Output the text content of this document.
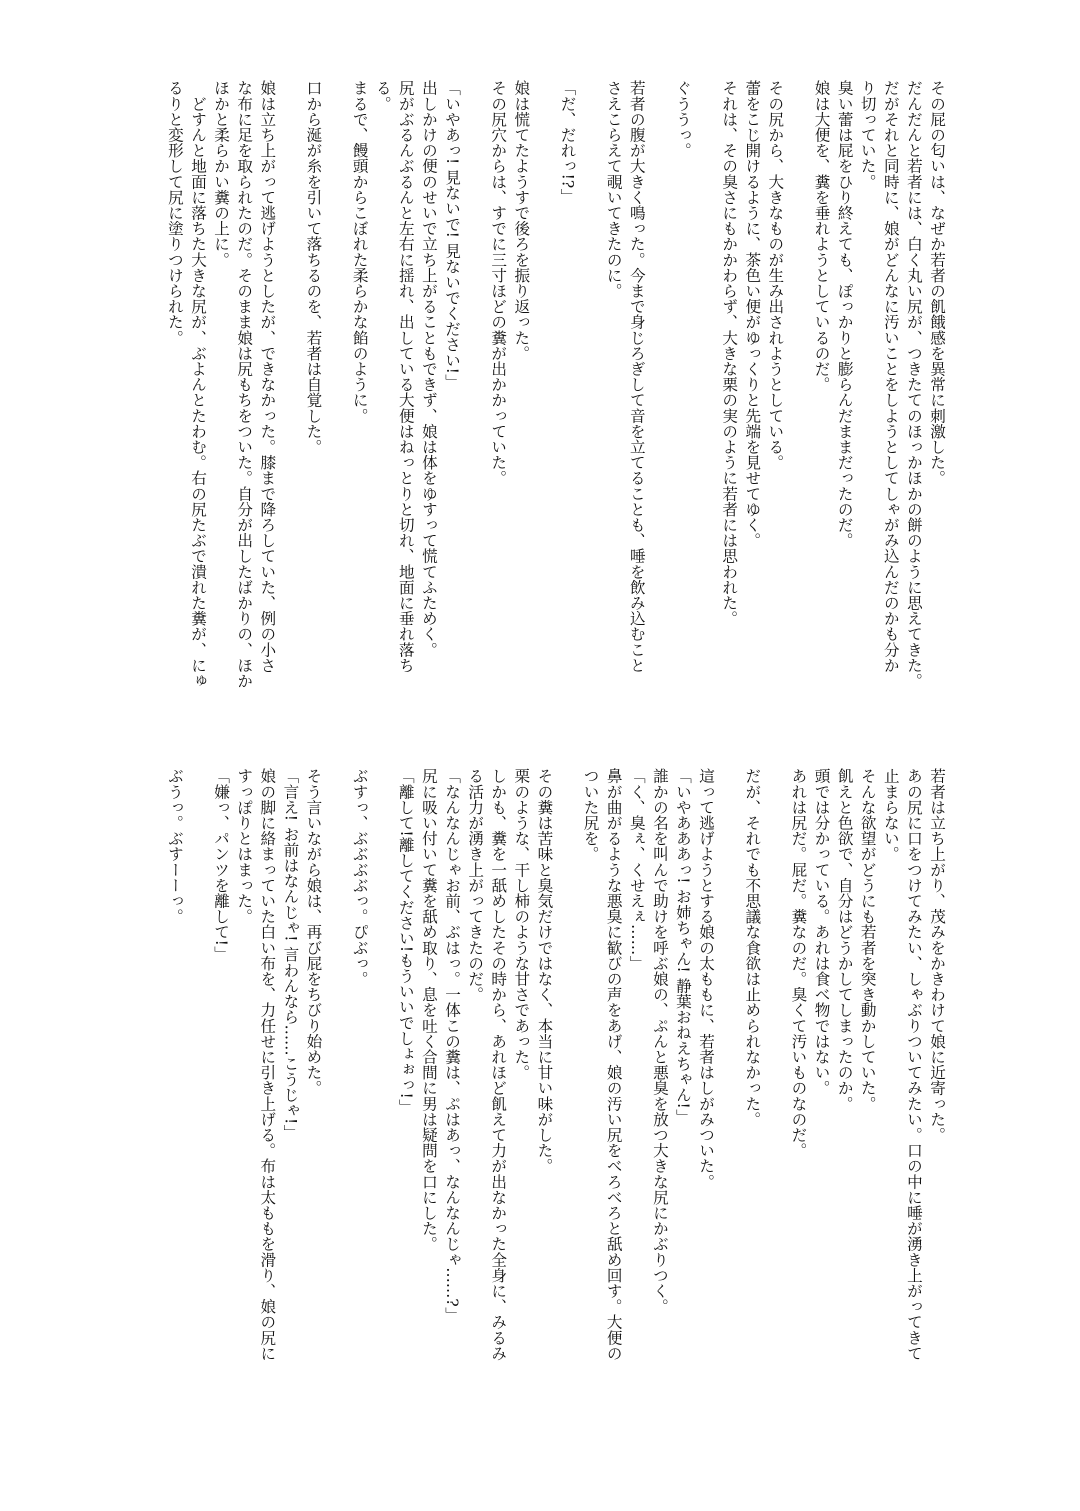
その屁の匂いは、なぜか若者の飢餓感を異常に刺激した。
だんだんと若者には、白く丸い尻が、つきたてのほっかほかの餅のように思えてきた。
だがそれと同時に、娘がどんなに汚いことをしようとしてしゃがみ込んだのかも分か
り切っていた。
臭い蕾は屁をひり終えても、ぽっかりと膨らんだままだったのだ。
娘は大便を、糞を垂れようとしているのだ。
その尻から、大きなものが生み出されようとしている。
蕾をこじ開けるように、茶色い便がゆっくりと先端を見せてゆく。
それは、その臭さにもかかわらず、大きな栗の実のように若者には思われた。
ぐううっ。
若者の腹が大きく鳴った。今まで身じろぎして音を立てることも、唾を飲み込むこと
さえこらえて覗いてきたのに。
「だ、だれっ!?」
娘は慌てたようすで後ろを振り返った。
その尻穴からは、すでに三寸ほどの糞が出かかっていた。
「いやあっ! 見ないで! 見ないでください!」
出しかけの便のせいで立ち上がることもできず、娘は体をゆすって慌てふためく。
尻がぶるんぶるんと左右に揺れ、出している大便はねっとりと切れ、地面に垂れ落ち
る。
まるで、饅頭からこぼれた柔らかな餡のように。
口から涎が糸を引いて落ちるのを、若者は自覚した。
娘は立ち上がって逃げようとしたが、できなかった。膝まで降ろしていた、例の小さ
な布に足を取られたのだ。そのまま娘は尻もちをついた。自分が出したばかりの、ほか
ほかと柔らかい糞の上に。
　どすんと地面に落ちた大きな尻が、ぶよんとたわむ。右の尻たぶで潰れた糞が、にゅ
るりと変形して尻に塗りつけられた。
若者は立ち上がり、茂みをかきわけて娘に近寄った。
あの尻に口をつけてみたい、しゃぶりついてみたい。口の中に唾が湧き上がってきて
止まらない。
そんな欲望がどうにも若者を突き動かしていた。
飢えと色欲で、自分はどうかしてしまったのか。
頭では分かっている。あれは食べ物ではない。
あれは尻だ。屁だ。糞なのだ。臭くて汚いものなのだ。
だが、それでも不思議な食欲は止められなかった。
這って逃げようとする娘の太ももに、若者はしがみついた。
「いやあああっ! お姉ちゃん! 静葉おねえちゃん!」
誰かの名を叫んで助けを呼ぶ娘の、ぷんと悪臭を放つ大きな尻にかぶりつく。
「く、臭ぇ、くせえぇ……」
鼻が曲がるような悪臭に歓びの声をあげ、娘の汚い尻をべろべろと舐め回す。大便の
ついた尻を。
その糞は苦味と臭気だけではなく、本当に甘い味がした。
栗のような、干し柿のような甘さであった。
しかも、糞を一舐めしたその時から、あれほど飢えて力が出なかった全身に、みるみ
る活力が湧き上がってきたのだ。
「なんなんじゃお前、ぶはっ。一体この糞は、ぷはあっ、なんなんじゃ……?」
尻に吸い付いて糞を舐め取り、息を吐く合間に男は疑問を口にした。
「離して!離してください!もういいでしょぉっ!」
ぶすっ、ぶぶぶぶっ。ぴぶっ。
そう言いながら娘は、再び屁をちびり始めた。
「言え! お前はなんじゃ! 言わんなら……こうじゃ!」
娘の脚に絡まっていた白い布を、力任せに引き上げる。布は太ももを滑り、娘の尻に
すっぽりとはまった。
「嫌っ、パンツを離して!」
ぶうっ。ぶすーーっ。
